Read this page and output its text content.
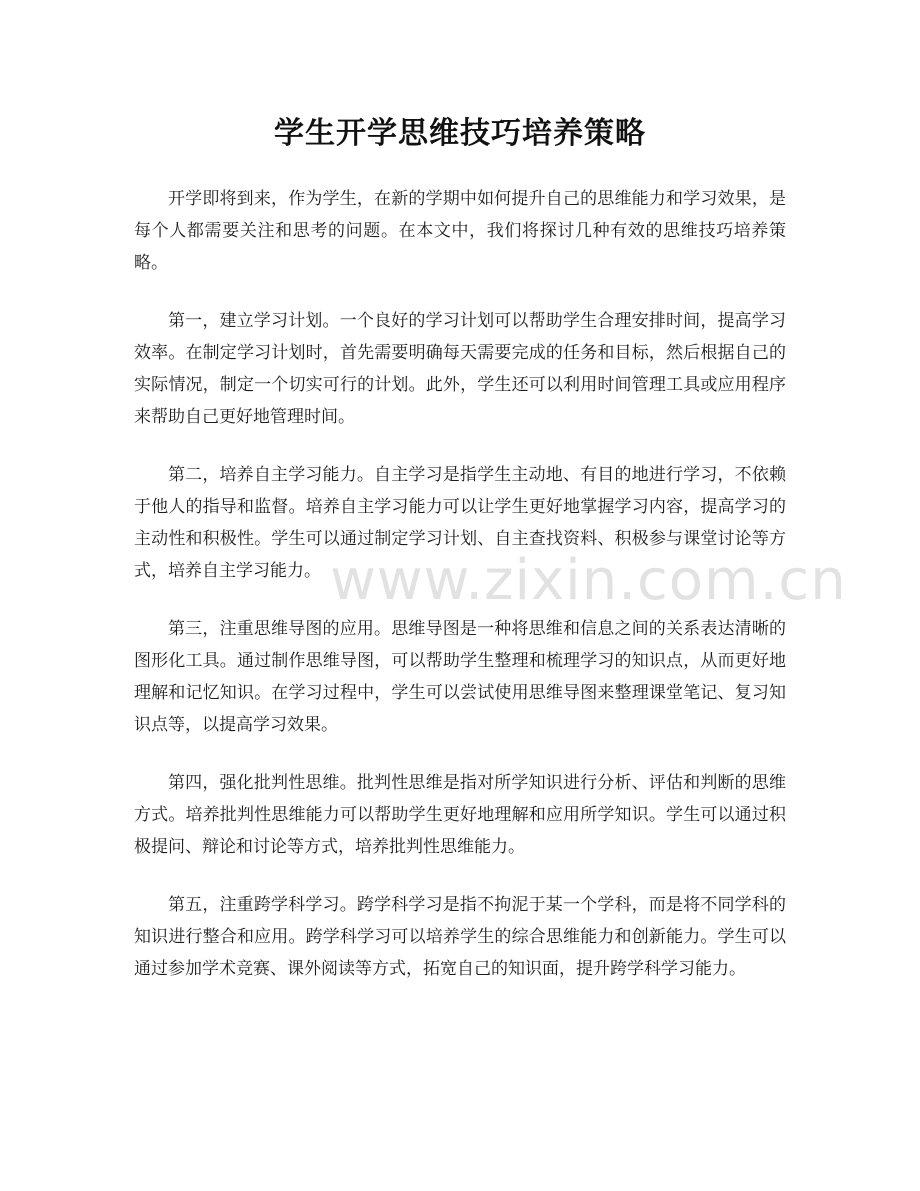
学生开学思维技巧培养策略

开学即将到来，作为学生，在新的学期中如何提升自己的思维能力和学习效果，是每个人都需要关注和思考的问题。在本文中，我们将探讨几种有效的思维技巧培养策略。

第一，建立学习计划。一个良好的学习计划可以帮助学生合理安排时间，提高学习效率。在制定学习计划时，首先需要明确每天需要完成的任务和目标，然后根据自己的实际情况，制定一个切实可行的计划。此外，学生还可以利用时间管理工具或应用程序来帮助自己更好地管理时间。

第二，培养自主学习能力。自主学习是指学生主动地、有目的地进行学习，不依赖于他人的指导和监督。培养自主学习能力可以让学生更好地掌握学习内容，提高学习的主动性和积极性。学生可以通过制定学习计划、自主查找资料、积极参与课堂讨论等方式，培养自主学习能力。

第三，注重思维导图的应用。思维导图是一种将思维和信息之间的关系表达清晰的图形化工具。通过制作思维导图，可以帮助学生整理和梳理学习的知识点，从而更好地理解和记忆知识。在学习过程中，学生可以尝试使用思维导图来整理课堂笔记、复习知识点等，以提高学习效果。

第四，强化批判性思维。批判性思维是指对所学知识进行分析、评估和判断的思维方式。培养批判性思维能力可以帮助学生更好地理解和应用所学知识。学生可以通过积极提问、辩论和讨论等方式，培养批判性思维能力。

第五，注重跨学科学习。跨学科学习是指不拘泥于某一个学科，而是将不同学科的知识进行整合和应用。跨学科学习可以培养学生的综合思维能力和创新能力。学生可以通过参加学术竞赛、课外阅读等方式，拓宽自己的知识面，提升跨学科学习能力。

www.zixin.com.cn
